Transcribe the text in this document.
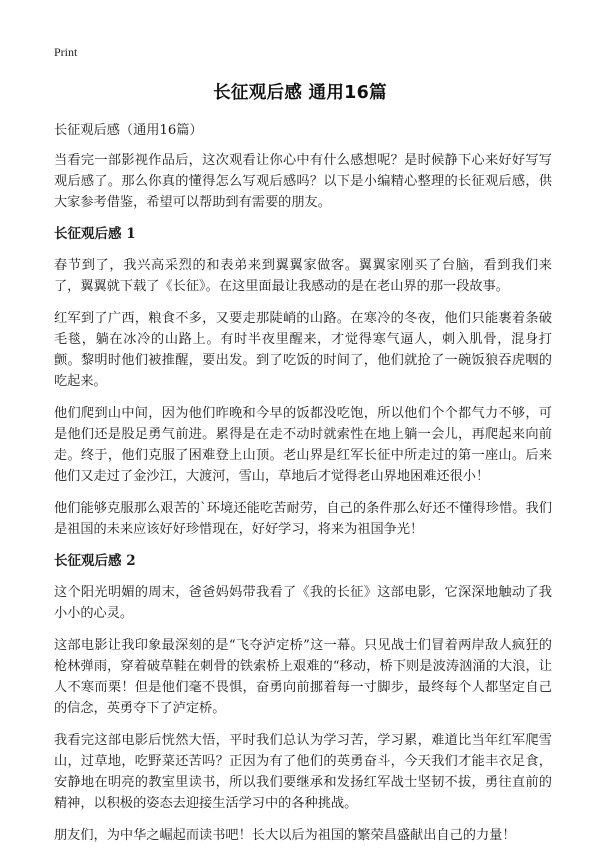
Print
长征观后感 通用16篇

长征观后感（通用16篇）

当看完一部影视作品后，这次观看让你心中有什么感想呢？是时候静下心来好好写写观后感了。那么你真的懂得怎么写观后感吗？以下是小编精心整理的长征观后感，供大家参考借鉴，希望可以帮助到有需要的朋友。

长征观后感 1

春节到了，我兴高采烈的和表弟来到翼翼家做客。翼翼家刚买了台脑，看到我们来了，翼翼就下载了《长征》。在这里面最让我感动的是在老山界的那一段故事。

红军到了广西，粮食不多，又要走那陡峭的山路。在寒冷的冬夜，他们只能裹着条破毛毯，躺在冰冷的山路上。有时半夜里醒来，才觉得寒气逼人，刺入肌骨，混身打颤。黎明时他们被推醒，要出发。到了吃饭的时间了，他们就抢了一碗饭狼吞虎咽的吃起来。

他们爬到山中间，因为他们昨晚和今早的饭都没吃饱，所以他们个个都气力不够，可是他们还是股足勇气前进。累得是在走不动时就索性在地上躺一会儿，再爬起来向前走。终于，他们克服了困难登上山顶。老山界是红军长征中所走过的第一座山。后来他们又走过了金沙江，大渡河，雪山，草地后才觉得老山界地困难还很小！

他们能够克服那么艰苦的`环境还能吃苦耐劳，自己的条件那么好还不懂得珍惜。我们是祖国的未来应该好好珍惜现在，好好学习，将来为祖国争光！

长征观后感 2

这个阳光明媚的周末，爸爸妈妈带我看了《我的长征》这部电影，它深深地触动了我小小的心灵。

这部电影让我印象最深刻的是“飞夺泸定桥”这一幕。只见战士们冒着两岸敌人疯狂的枪林弹雨，穿着破草鞋在刺骨的铁索桥上艰难的“移动，桥下则是波涛汹涌的大浪，让人不寒而栗！但是他们毫不畏惧，奋勇向前挪着每一寸脚步，最终每个人都坚定自己的信念，英勇夺下了泸定桥。

我看完这部电影后恍然大悟，平时我们总认为学习苦，学习累，难道比当年红军爬雪山，过草地，吃野菜还苦吗？正因为有了他们的英勇奋斗，今天我们才能丰衣足食，安静地在明亮的教室里读书，所以我们要继承和发扬红军战士坚韧不拔，勇往直前的精神，以积极的姿态去迎接生活学习中的各种挑战。

朋友们，为中华之崛起而读书吧！长大以后为祖国的繁荣昌盛献出自己的力量！
